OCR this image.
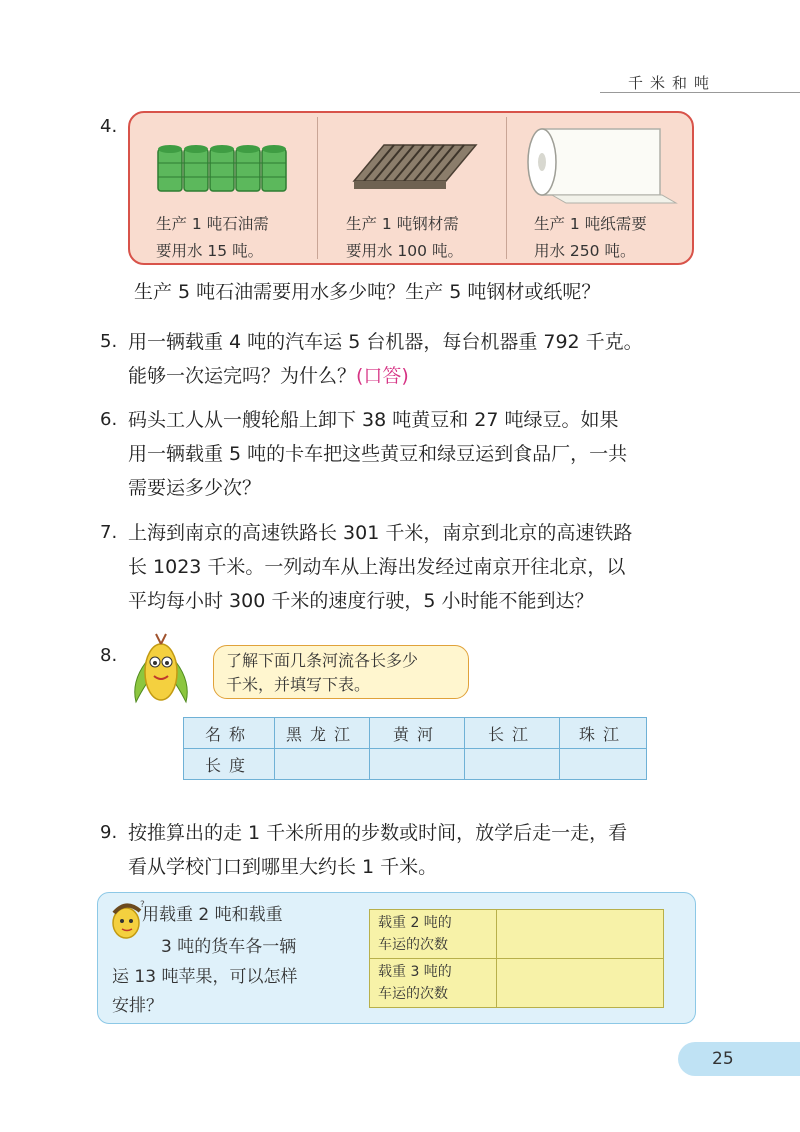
千米和吨
4.
生产 1 吨石油需
要用水 15 吨。
生产 1 吨钢材需
要用水 100 吨。
生产 1 吨纸需要
用水 250 吨。
生产 5 吨石油需要用水多少吨？生产 5 吨钢材或纸呢？
5. 用一辆载重 4 吨的汽车运 5 台机器，每台机器重 792 千克。
能够一次运完吗？为什么？(口答)
6. 码头工人从一艘轮船上卸下 38 吨黄豆和 27 吨绿豆。如果
用一辆载重 5 吨的卡车把这些黄豆和绿豆运到食品厂，一共
需要运多少次？
7. 上海到南京的高速铁路长 301 千米，南京到北京的高速铁路
长 1023 千米。一列动车从上海出发经过南京开往北京，以
平均每小时 300 千米的速度行驶，5 小时能不能到达？
8.	了解下面几条河流各长多少
千米，并填写下表。
名称	黑龙江	黄河	长江	珠江
长度				
9. 按推算出的走 1 千米所用的步数或时间，放学后走一走，看
看从学校门口到哪里大约长 1 千米。
?
用载重 2 吨和载重
3 吨的货车各一辆
运 13 吨苹果，可以怎样
安排？
载重 2 吨的
车运的次数	

载重 3 吨的
车运的次数	

25
